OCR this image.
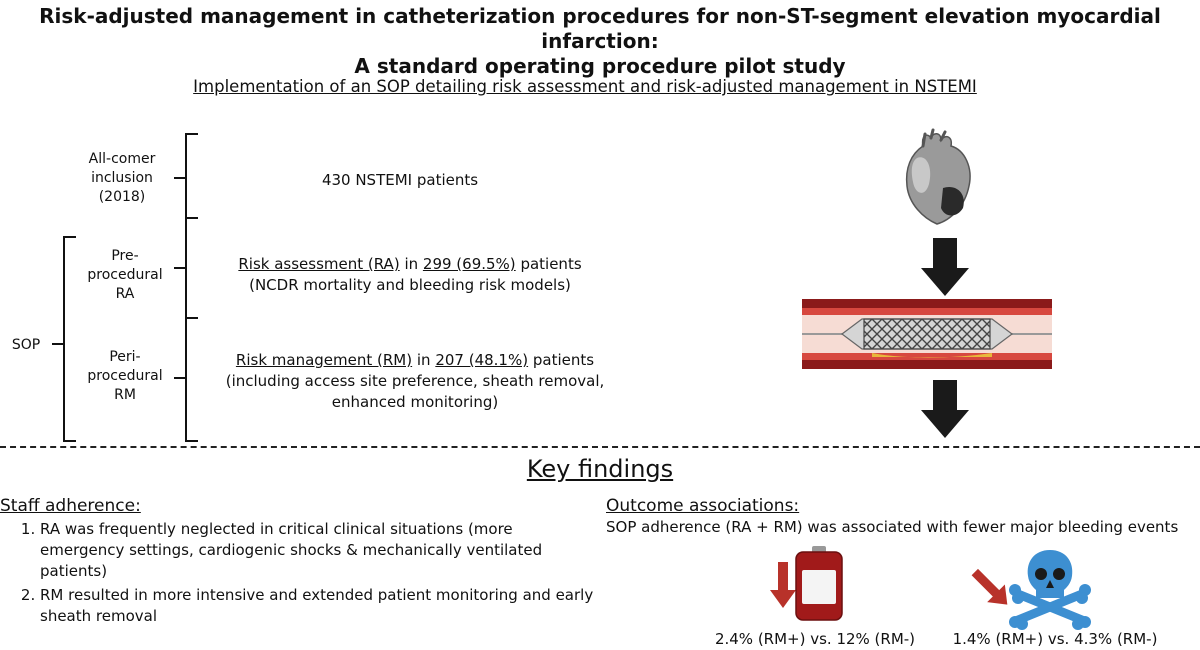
Risk-adjusted management in catheterization procedures for non-ST-segment elevation myocardial infarction:
A standard operating procedure pilot study
Implementation of an SOP detailing risk assessment and risk-adjusted management in NSTEMI
All-comer
inclusion
(2018)
Pre-
procedural
RA
Peri-
procedural
RM
SOP
430 NSTEMI patients
Risk assessment (RA) in 299 (69.5%) patients
(NCDR mortality and bleeding risk models)
Risk management (RM) in 207 (48.1%) patients
(including access site preference, sheath removal,
enhanced monitoring)
Key findings
Staff adherence:
1. RA was frequently neglected in critical clinical situations (more emergency settings, cardiogenic shocks & mechanically ventilated patients)
2. RM resulted in more intensive and extended patient monitoring and early sheath removal
Outcome associations:
SOP adherence (RA + RM) was associated with fewer major bleeding events
2.4% (RM+) vs. 12% (RM-)	1.4% (RM+) vs. 4.3% (RM-)
